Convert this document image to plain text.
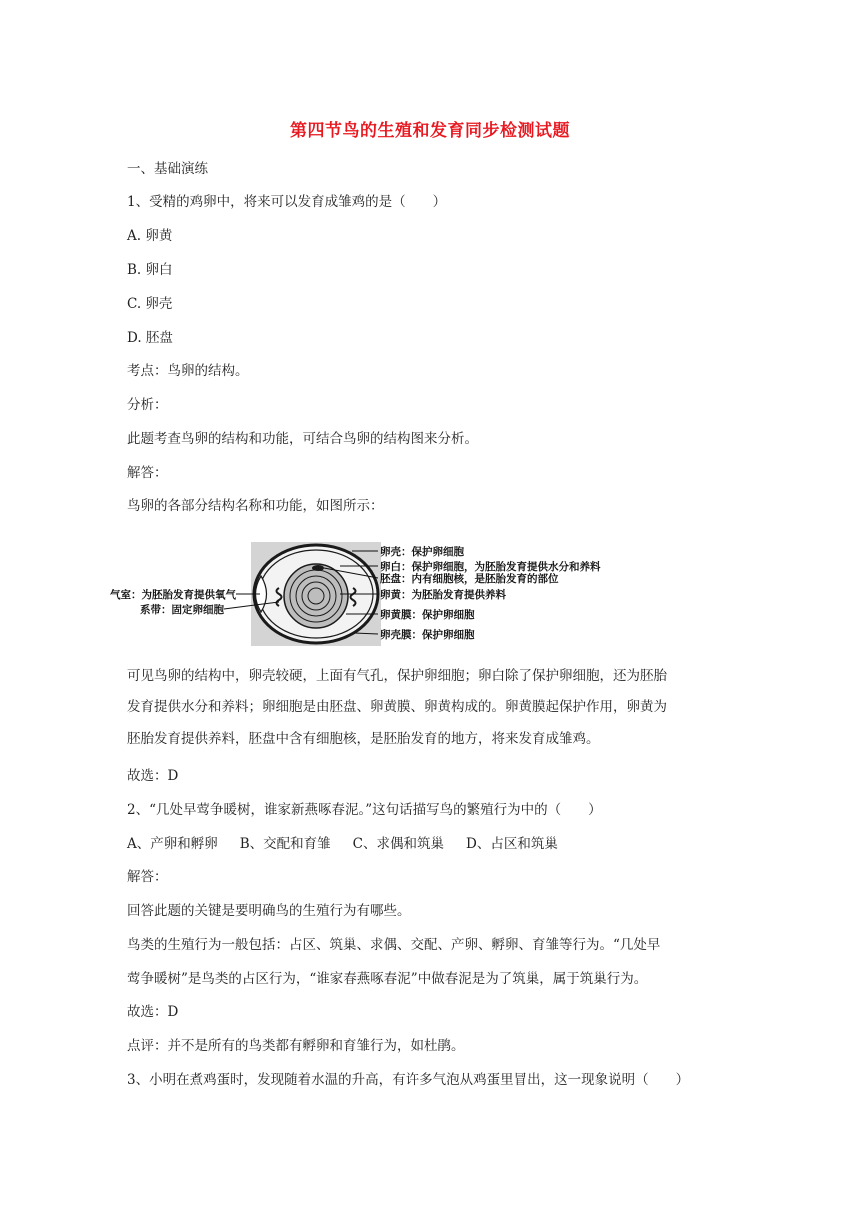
第四节鸟的生殖和发育同步检测试题
一、基础演练
1、受精的鸡卵中，将来可以发育成雏鸡的是（　　）
A. 卵黄
B. 卵白
C. 卵壳
D. 胚盘
考点：鸟卵的结构。
分析：
此题考查鸟卵的结构和功能，可结合鸟卵的结构图来分析。
解答：
鸟卵的各部分结构名称和功能，如图所示：
卵壳：保护卵细胞
卵白：保护卵细胞，为胚胎发育提供水分和养料
胚盘：内有细胞核，是胚胎发育的部位
卵黄：为胚胎发育提供养料
卵黄膜：保护卵细胞
卵壳膜：保护卵细胞
气室：为胚胎发育提供氧气
系带：固定卵细胞
可见鸟卵的结构中，卵壳较硬，上面有气孔，保护卵细胞；卵白除了保护卵细胞，还为胚胎
发育提供水分和养料；卵细胞是由胚盘、卵黄膜、卵黄构成的。卵黄膜起保护作用，卵黄为
胚胎发育提供养料，胚盘中含有细胞核，是胚胎发育的地方，将来发育成雏鸡。
故选：D
2、“几处早莺争暖树，谁家新燕啄春泥。”这句话描写鸟的繁殖行为中的（　　）
A、产卵和孵卵 B、交配和育雏 C、求偶和筑巢 D、占区和筑巢
解答：
回答此题的关键是要明确鸟的生殖行为有哪些。
鸟类的生殖行为一般包括：占区、筑巢、求偶、交配、产卵、孵卵、育雏等行为。“几处早
莺争暖树”是鸟类的占区行为，“谁家春燕啄春泥”中做春泥是为了筑巢，属于筑巢行为。
故选：D
点评：并不是所有的鸟类都有孵卵和育雏行为，如杜鹃。
3、小明在煮鸡蛋时，发现随着水温的升高，有许多气泡从鸡蛋里冒出，这一现象说明（　　）
